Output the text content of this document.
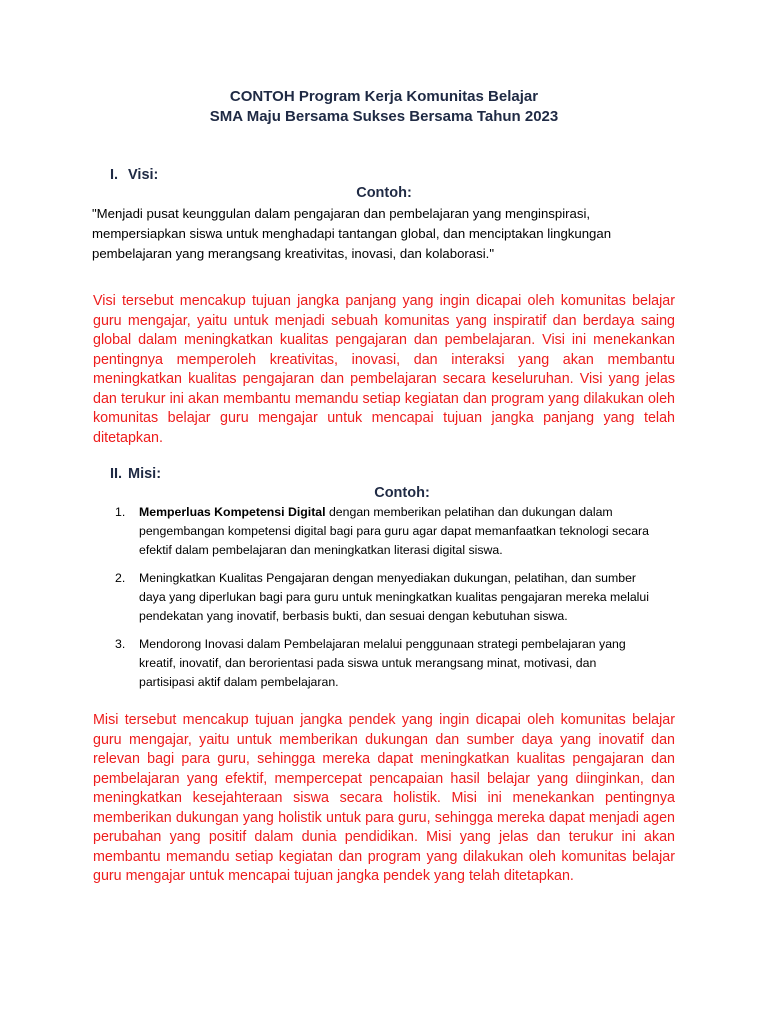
CONTOH Program Kerja Komunitas Belajar
SMA Maju Bersama Sukses Bersama Tahun 2023
I. Visi:
Contoh:
"Menjadi pusat keunggulan dalam pengajaran dan pembelajaran yang menginspirasi, mempersiapkan siswa untuk menghadapi tantangan global, dan menciptakan lingkungan pembelajaran yang merangsang kreativitas, inovasi, dan kolaborasi."
Visi tersebut mencakup tujuan jangka panjang yang ingin dicapai oleh komunitas belajar guru mengajar, yaitu untuk menjadi sebuah komunitas yang inspiratif dan berdaya saing global dalam meningkatkan kualitas pengajaran dan pembelajaran. Visi ini menekankan pentingnya memperoleh kreativitas, inovasi, dan interaksi yang akan membantu meningkatkan kualitas pengajaran dan pembelajaran secara keseluruhan. Visi yang jelas dan terukur ini akan membantu memandu setiap kegiatan dan program yang dilakukan oleh komunitas belajar guru mengajar untuk mencapai tujuan jangka panjang yang telah ditetapkan.
II. Misi:
Contoh:
1. Memperluas Kompetensi Digital dengan memberikan pelatihan dan dukungan dalam pengembangan kompetensi digital bagi para guru agar dapat memanfaatkan teknologi secara efektif dalam pembelajaran dan meningkatkan literasi digital siswa.
2. Meningkatkan Kualitas Pengajaran dengan menyediakan dukungan, pelatihan, dan sumber daya yang diperlukan bagi para guru untuk meningkatkan kualitas pengajaran mereka melalui pendekatan yang inovatif, berbasis bukti, dan sesuai dengan kebutuhan siswa.
3. Mendorong Inovasi dalam Pembelajaran melalui penggunaan strategi pembelajaran yang kreatif, inovatif, dan berorientasi pada siswa untuk merangsang minat, motivasi, dan partisipasi aktif dalam pembelajaran.
Misi tersebut mencakup tujuan jangka pendek yang ingin dicapai oleh komunitas belajar guru mengajar, yaitu untuk memberikan dukungan dan sumber daya yang inovatif dan relevan bagi para guru, sehingga mereka dapat meningkatkan kualitas pengajaran dan pembelajaran yang efektif, mempercepat pencapaian hasil belajar yang diinginkan, dan meningkatkan kesejahteraan siswa secara holistik. Misi ini menekankan pentingnya memberikan dukungan yang holistik untuk para guru, sehingga mereka dapat menjadi agen perubahan yang positif dalam dunia pendidikan. Misi yang jelas dan terukur ini akan membantu memandu setiap kegiatan dan program yang dilakukan oleh komunitas belajar guru mengajar untuk mencapai tujuan jangka pendek yang telah ditetapkan.
